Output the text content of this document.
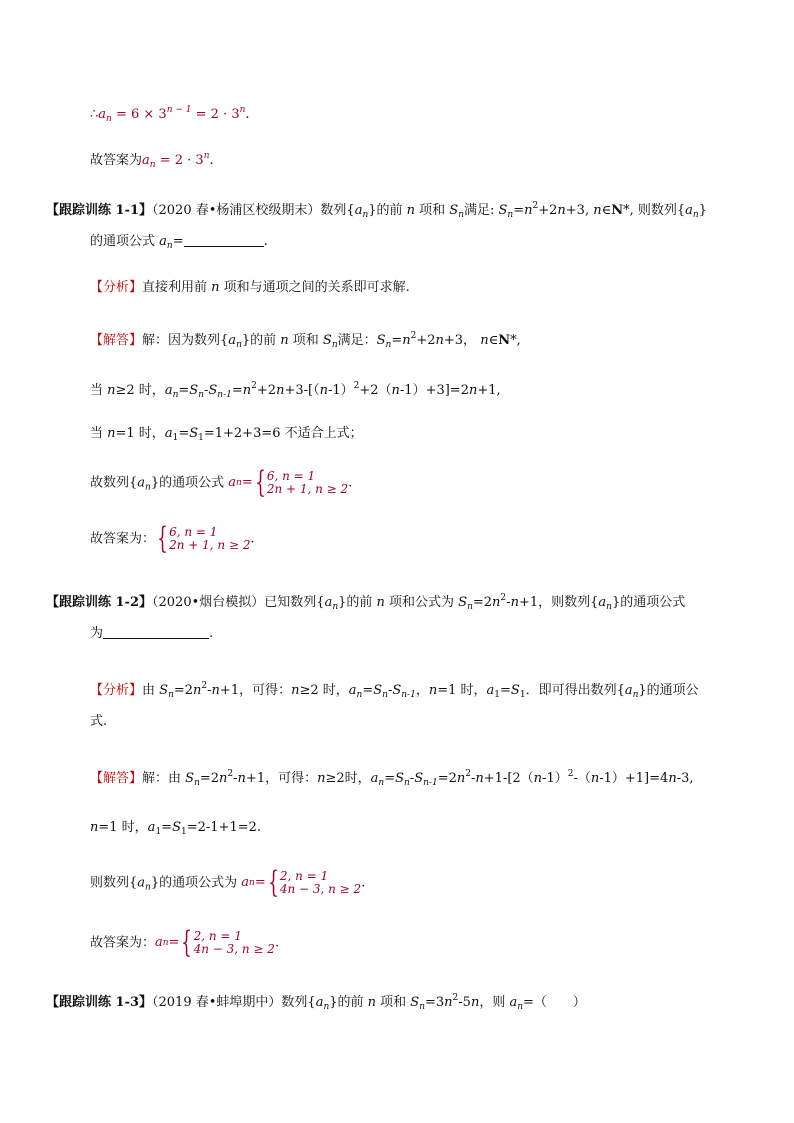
$\therefore a_n = 6 \times 3^{n - 1} = 2 \cdot 3^n$.
故答案为$a_n = 2 \cdot 3^n$.
【跟踪训练 1-1】（2020 春•杨浦区校级期末）数列$\{a_n\}$的前 n 项和 $S_n$满足: $S_n=n^2+2n+3$, n∈N*, 则数列$\{a_n\}$
的通项公式 $a_n=$	.
【分析】直接利用前 n 项和与通项之间的关系即可求解.
【解答】解：因为数列$\{a_n\}$的前 n 项和 $S_n$满足：$S_n=n^2+2n+3$， n∈N*,
当 n≥2 时，$a_n=S_n-S_{n-1}=n^2+2n+3-[(n-1)^2+2(n-1)+3]=2n+1$,
当 n=1 时，$a_1=S_1=1+2+3=6$ 不适合上式；
故数列$\{a_n\}$的通项公式 a n = { 6, n = 1
2n + 1, n ≥ 2 .
故答案为： { 6, n = 1
2n + 1, n ≥ 2 .
【跟踪训练 1-2】（2020•烟台模拟）已知数列$\{a_n\}$的前 n 项和公式为 $S_n=2n^2-n+1$，则数列$\{a_n\}$的通项公式
为	.
【分析】由 $S_n=2n^2-n+1$，可得：n≥2 时，$a_n=S_n-S_{n-1}$，n=1 时，$a_1=S_1$．即可得出数列$\{a_n\}$的通项公
式.
【解答】解：由 $S_n=2n^2-n+1$，可得：n≥2时，$a_n=S_n-S_{n-1}=2n^2-n+1-[2(n-1)^2-(n-1)+1]=4n-3$,
n=1 时，$a_1=S_1=2-1+1=2$.
则数列$\{a_n\}$的通项公式为 a n = { 2, n = 1
4n − 3, n ≥ 2 .
故答案为： a n = { 2, n = 1
4n − 3, n ≥ 2 .
【跟踪训练 1-3】（2019 春•蚌埠期中）数列$\{a_n\}$的前 n 项和 $S_n=3n^2-5n$，则 $a_n=$（　　）
